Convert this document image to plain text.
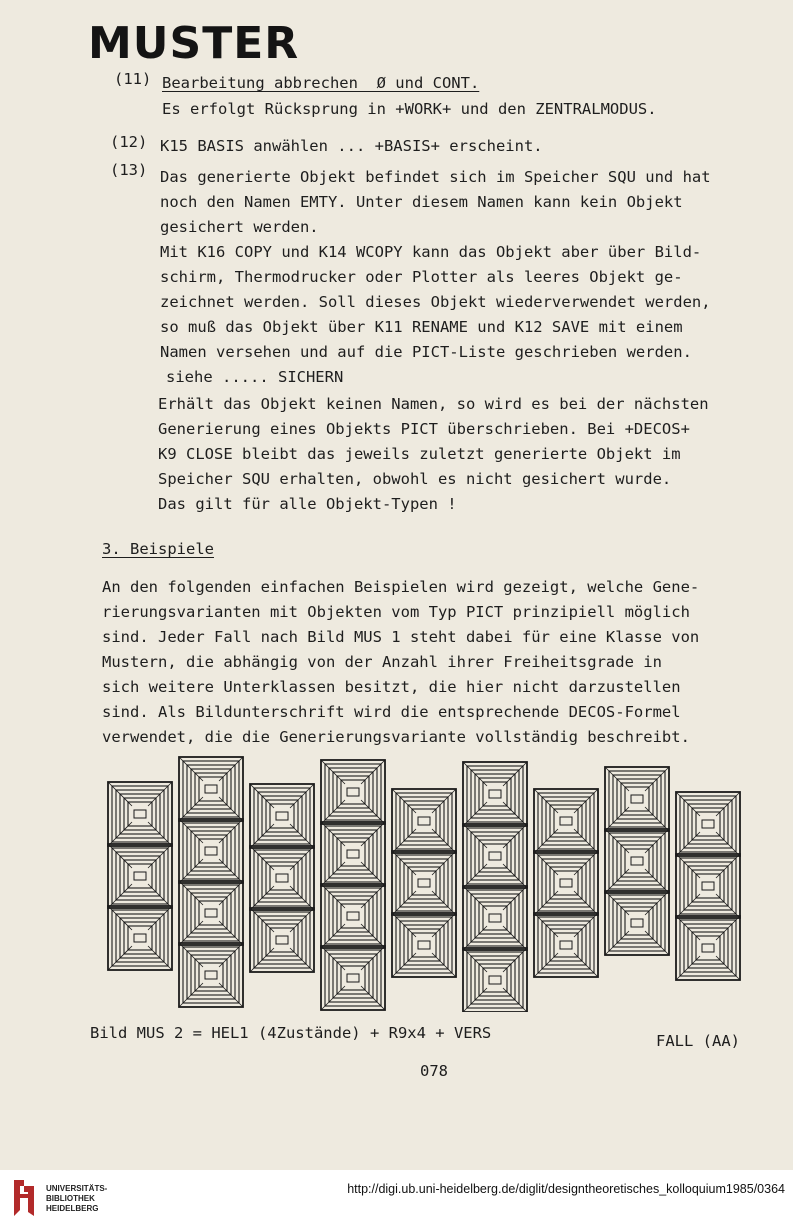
MUSTER
(11) Bearbeitung abbrechen  Ø und CONT.
Es erfolgt Rücksprung in +WORK+ und den ZENTRALMODUS.
(12) K15 BASIS anwählen ... +BASIS+ erscheint.
(13) Das generierte Objekt befindet sich im Speicher SQU und hat
noch den Namen EMTY. Unter diesem Namen kann kein Objekt
gesichert werden.
Mit K16 COPY und K14 WCOPY kann das Objekt aber über Bild-
schirm, Thermodrucker oder Plotter als leeres Objekt ge-
zeichnet werden. Soll dieses Objekt wiederverwendet werden,
so muß das Objekt über K11 RENAME und K12 SAVE mit einem
Namen versehen und auf die PICT-Liste geschrieben werden.
siehe ..... SICHERN
Erhält das Objekt keinen Namen, so wird es bei der nächsten
Generierung eines Objekts PICT überschrieben. Bei +DECOS+
K9 CLOSE bleibt das jeweils zuletzt generierte Objekt im
Speicher SQU erhalten, obwohl es nicht gesichert wurde.
Das gilt für alle Objekt-Typen !
3. Beispiele
An den folgenden einfachen Beispielen wird gezeigt, welche Gene-
rierungsvarianten mit Objekten vom Typ PICT prinzipiell möglich
sind. Jeder Fall nach Bild MUS 1 steht dabei für eine Klasse von
Mustern, die abhängig von der Anzahl ihrer Freiheitsgrade in
sich weitere Unterklassen besitzt, die hier nicht darzustellen
sind. Als Bildunterschrift wird die entsprechende DECOS-Formel
verwendet, die die Generierungsvariante vollständig beschreibt.
Bild MUS 2 = HEL1 (4Zustände) + R9x4 + VERS	FALL (AA)
078
UNIVERSITÄTS-
BIBLIOTHEK
HEIDELBERG
http://digi.ub.uni-heidelberg.de/diglit/designtheoretisches_kolloquium1985/0364
